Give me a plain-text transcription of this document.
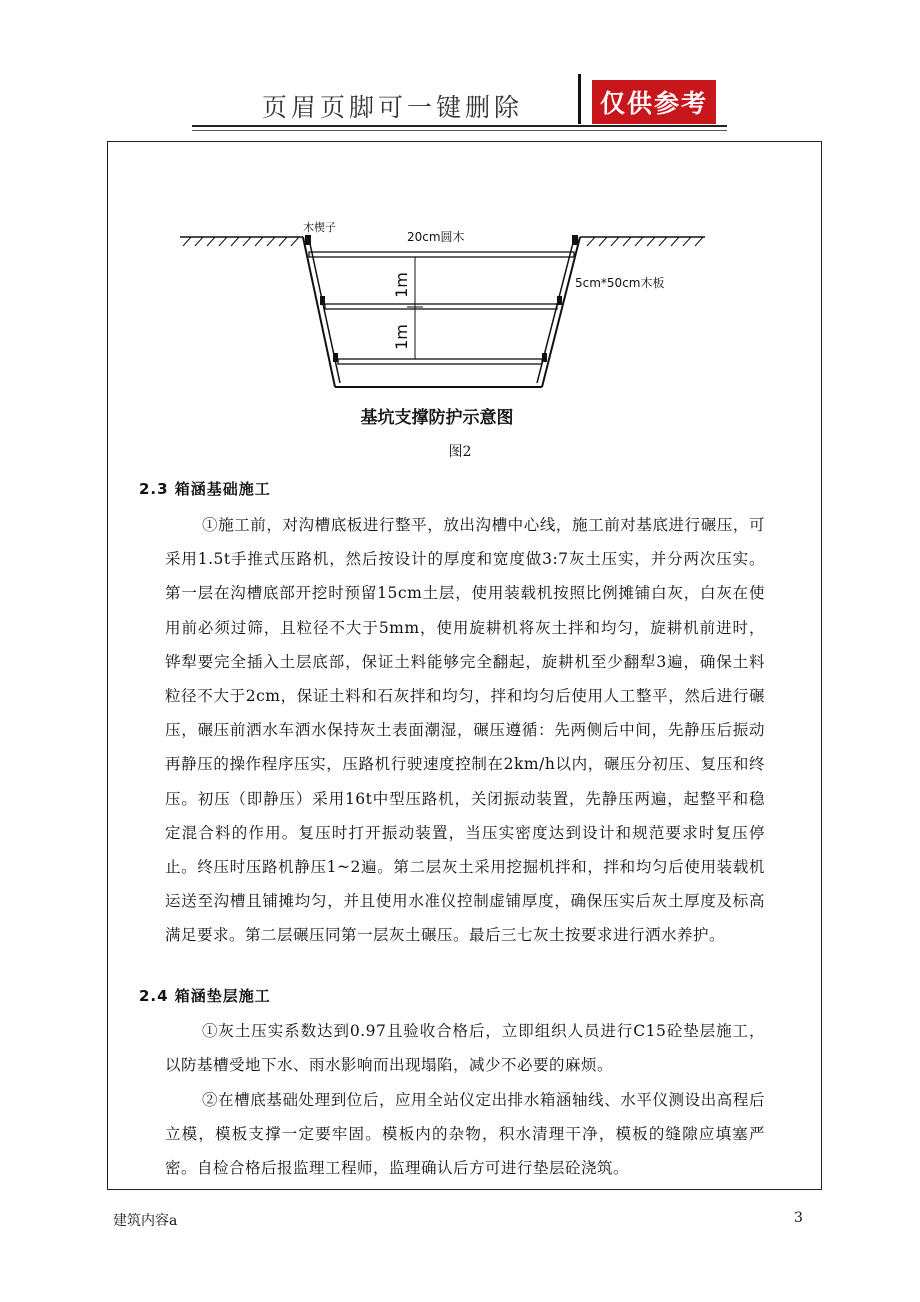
页眉页脚可一键删除	仅供参考
1m
1m
木楔子
20cm圆木
5cm*50cm木板
基坑支撑防护示意图
图2
2.3 箱涵基础施工

①施工前，对沟槽底板进行整平，放出沟槽中心线，施工前对基底进行碾压，可采用1.5t手推式压路机，然后按设计的厚度和宽度做3:7灰土压实，并分两次压实。第一层在沟槽底部开挖时预留15cm土层，使用装载机按照比例摊铺白灰，白灰在使用前必须过筛，且粒径不大于5mm，使用旋耕机将灰土拌和均匀，旋耕机前进时，铧犁要完全插入土层底部，保证土料能够完全翻起，旋耕机至少翻犁3遍，确保土料粒径不大于2cm，保证土料和石灰拌和均匀，拌和均匀后使用人工整平，然后进行碾压，碾压前洒水车洒水保持灰土表面潮湿，碾压遵循：先两侧后中间，先静压后振动再静压的操作程序压实，压路机行驶速度控制在2km/h以内，碾压分初压、复压和终压。初压（即静压）采用16t中型压路机，关闭振动装置，先静压两遍，起整平和稳定混合料的作用。复压时打开振动装置，当压实密度达到设计和规范要求时复压停止。终压时压路机静压1~2遍。第二层灰土采用挖掘机拌和，拌和均匀后使用装载机运送至沟槽且铺摊均匀，并且使用水准仪控制虚铺厚度，确保压实后灰土厚度及标高满足要求。第二层碾压同第一层灰土碾压。最后三七灰土按要求进行洒水养护。

2.4 箱涵垫层施工

①灰土压实系数达到0.97且验收合格后，立即组织人员进行C15砼垫层施工，以防基槽受地下水、雨水影响而出现塌陷，减少不必要的麻烦。

②在槽底基础处理到位后，应用全站仪定出排水箱涵轴线、水平仪测设出高程后立模，模板支撑一定要牢固。模板内的杂物，积水清理干净，模板的缝隙应填塞严密。自检合格后报监理工程师，监理确认后方可进行垫层砼浇筑。

建筑内容a	3
